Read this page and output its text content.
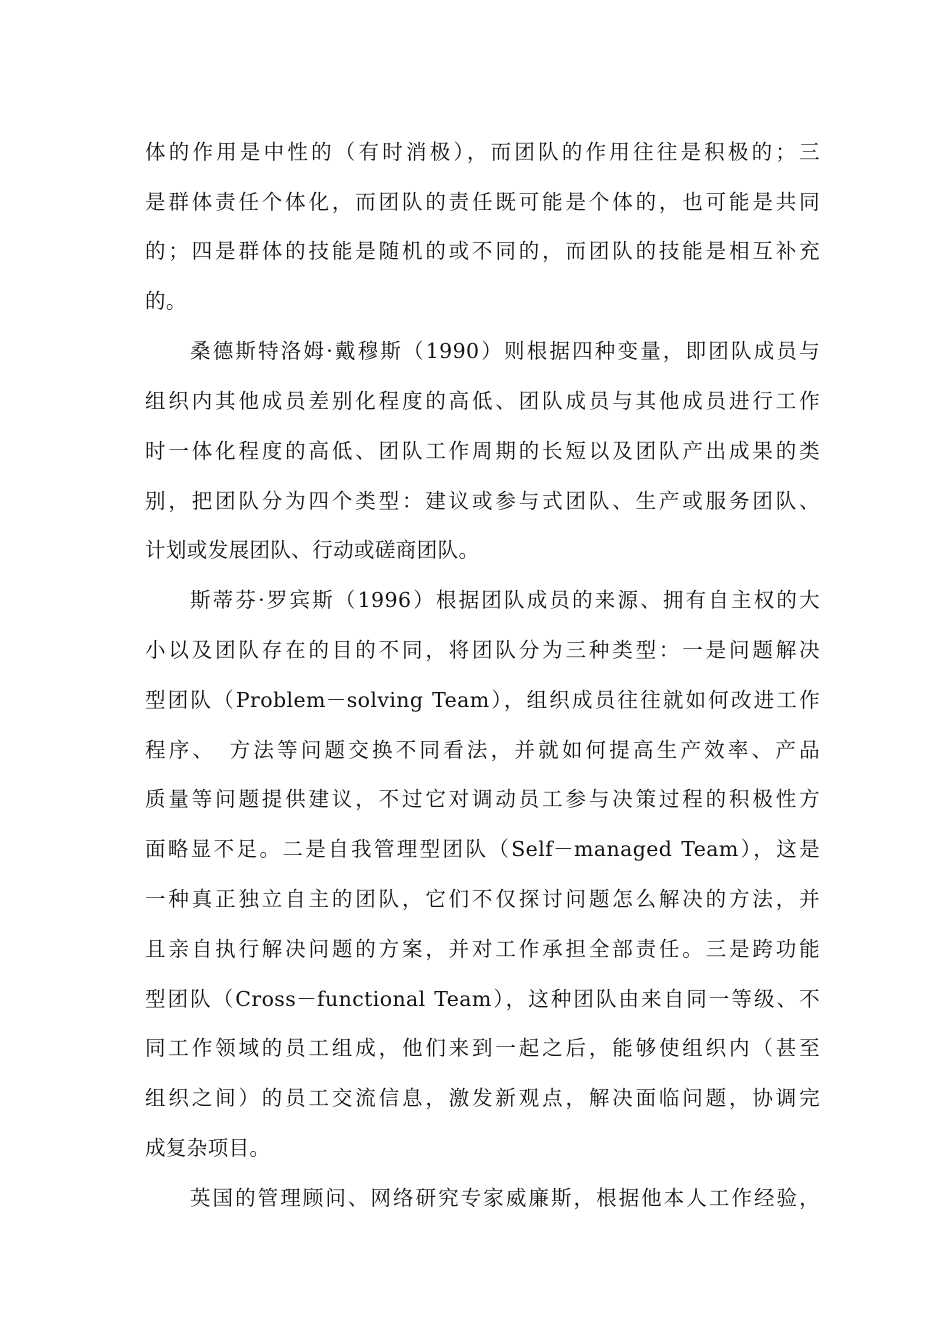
体的作用是中性的（有时消极），而团队的作用往往是积极的；三

是群体责任个体化，而团队的责任既可能是个体的，也可能是共同

的；四是群体的技能是随机的或不同的，而团队的技能是相互补充

的。

桑德斯特洛姆·戴穆斯（1990）则根据四种变量，即团队成员与

组织内其他成员差别化程度的高低、团队成员与其他成员进行工作

时一体化程度的高低、团队工作周期的长短以及团队产出成果的类

别，把团队分为四个类型：建议或参与式团队、生产或服务团队、

计划或发展团队、行动或磋商团队。

斯蒂芬·罗宾斯（1996）根据团队成员的来源、拥有自主权的大

小以及团队存在的目的不同，将团队分为三种类型：一是问题解决

型团队（Problem－solving Team），组织成员往往就如何改进工作

程序、　方法等问题交换不同看法，并就如何提高生产效率、产品

质量等问题提供建议，不过它对调动员工参与决策过程的积极性方

面略显不足。二是自我管理型团队（Self－managed Team），这是

一种真正独立自主的团队，它们不仅探讨问题怎么解决的方法，并

且亲自执行解决问题的方案，并对工作承担全部责任。三是跨功能

型团队（Cross－functional Team），这种团队由来自同一等级、不

同工作领域的员工组成，他们来到一起之后，能够使组织内（甚至

组织之间）的员工交流信息，激发新观点，解决面临问题，协调完

成复杂项目。

英国的管理顾问、网络研究专家威廉斯，根据他本人工作经验，
